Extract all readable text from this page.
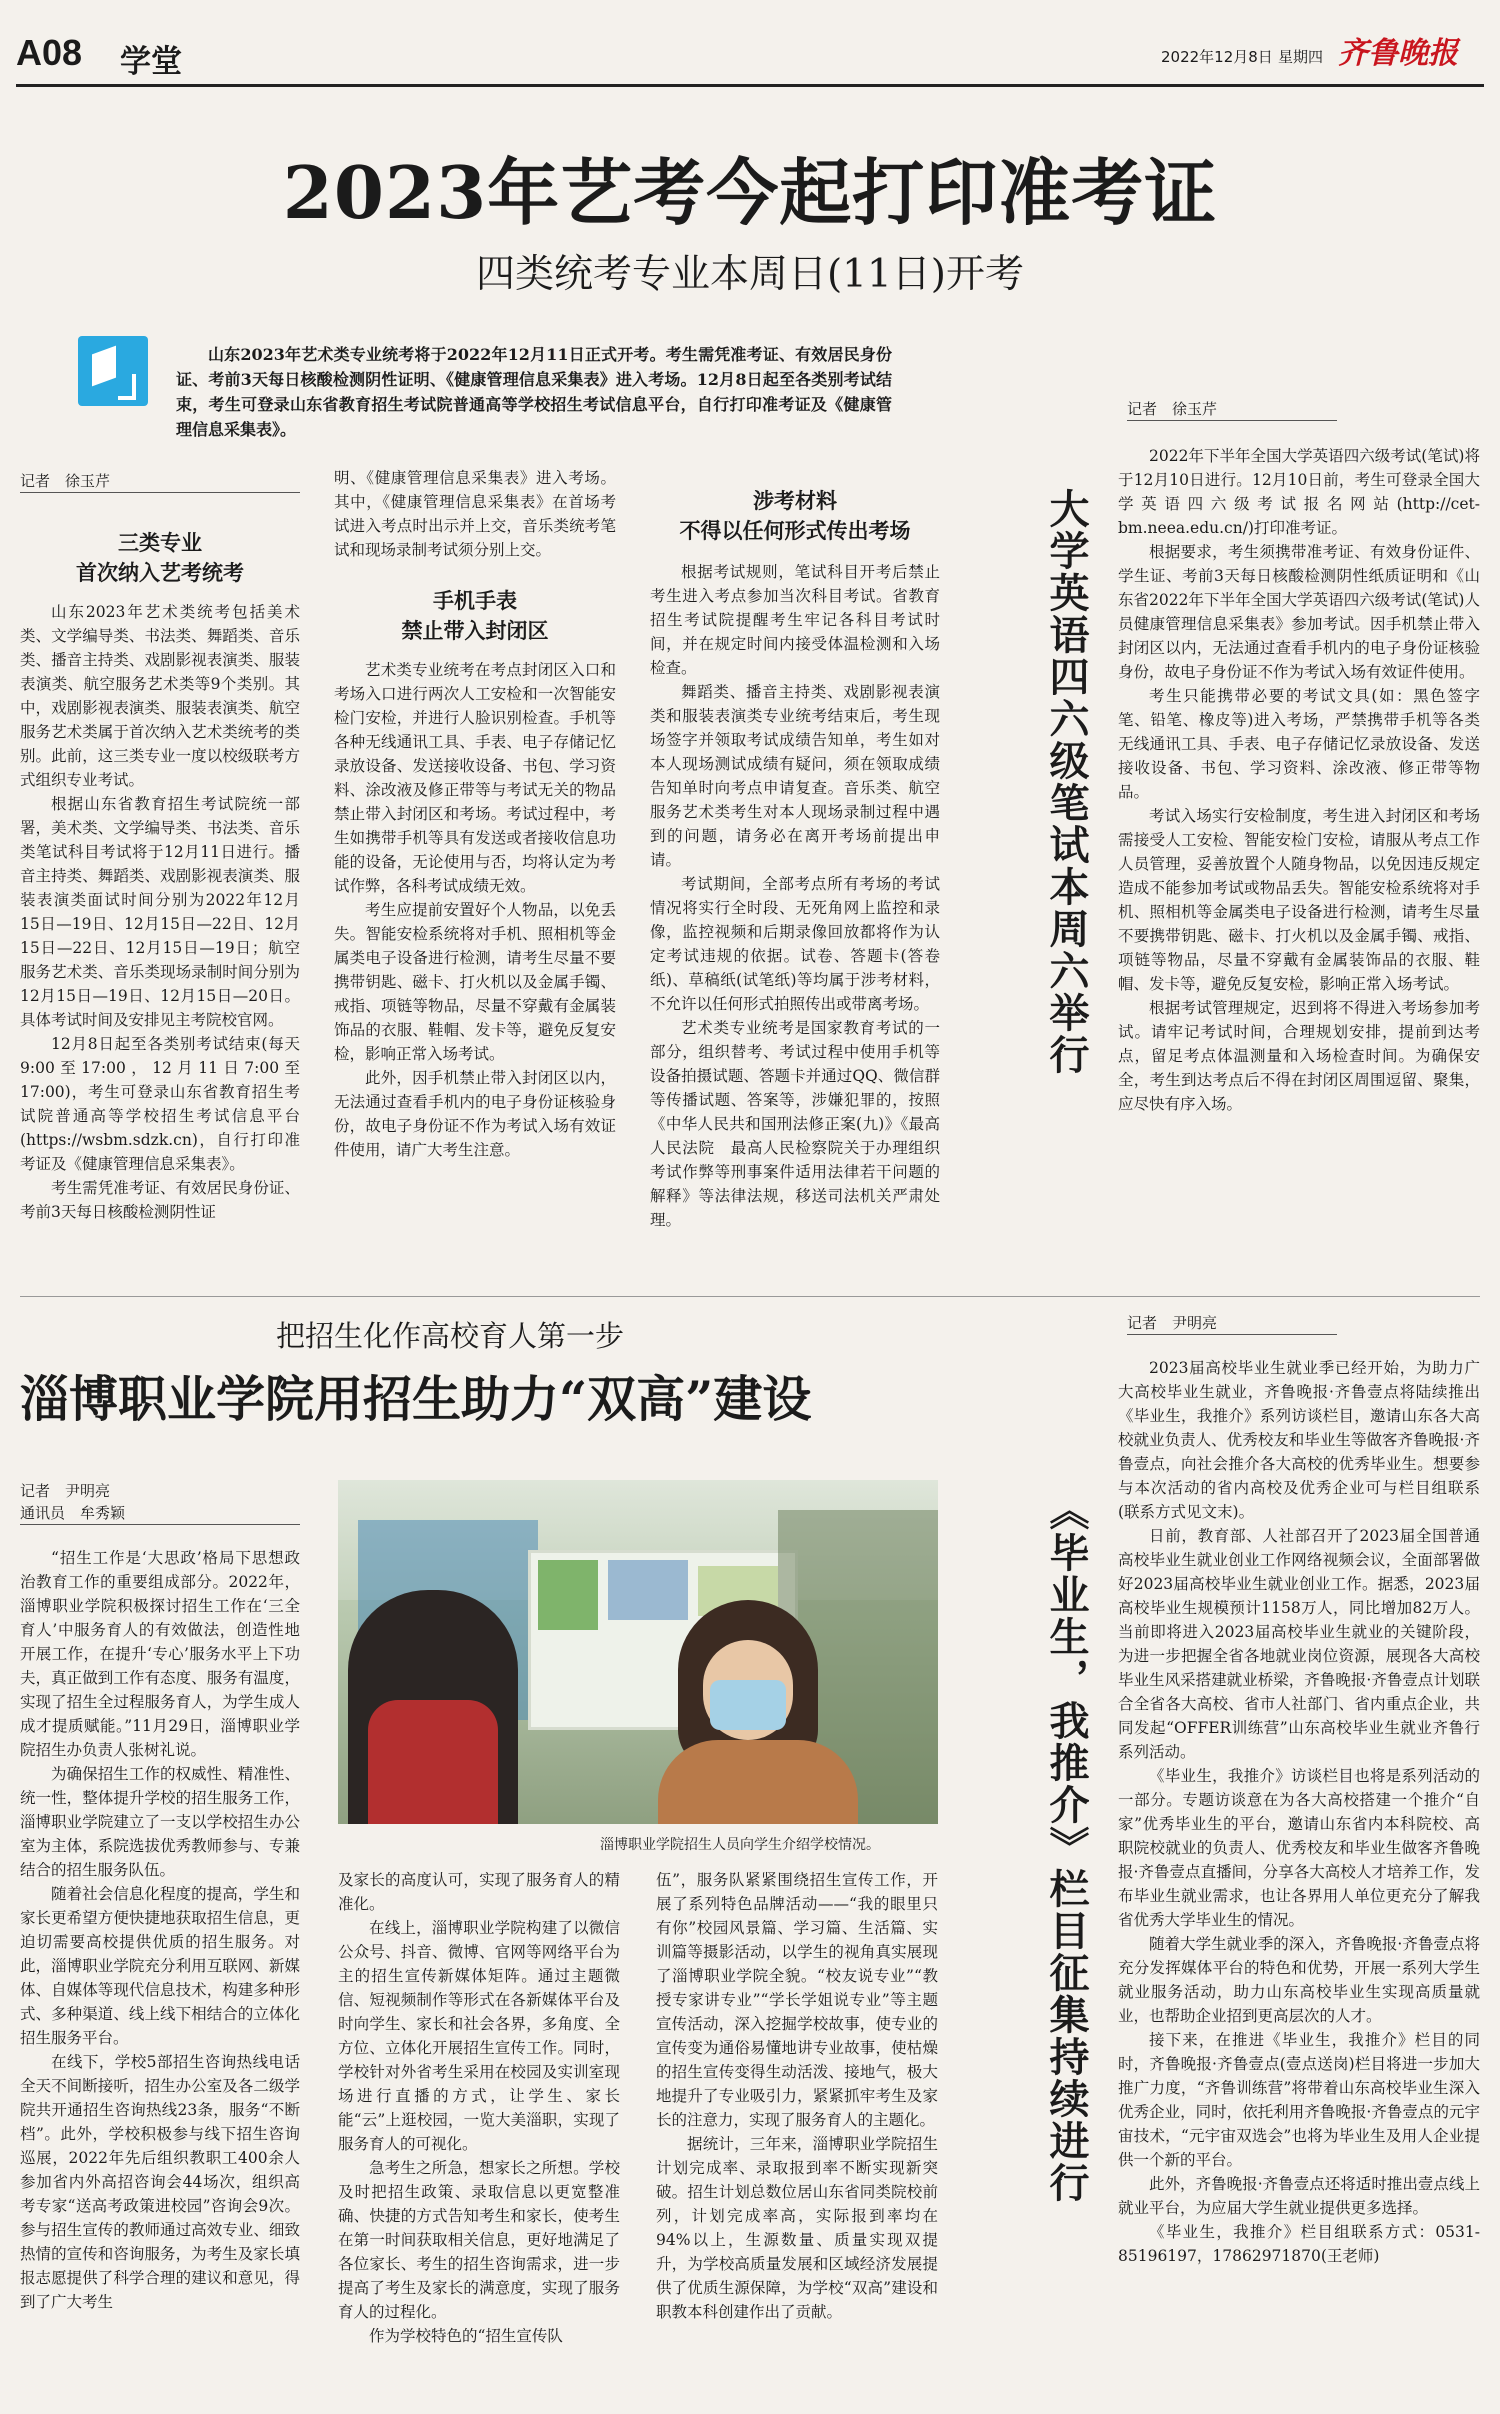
A08 学堂	2022年12月8日 星期四 齐鲁晚报
2023年艺考今起打印准考证
四类统考专业本周日(11日)开考
山东2023年艺术类专业统考将于2022年12月11日正式开考。考生需凭准考证、有效居民身份证、考前3天每日核酸检测阴性证明、《健康管理信息采集表》进入考场。12月8日起至各类别考试结束，考生可登录山东省教育招生考试院普通高等学校招生考试信息平台，自行打印准考证及《健康管理信息采集表》。
记者　徐玉芹
三类专业
首次纳入艺考统考

山东2023年艺术类统考包括美术类、文学编导类、书法类、舞蹈类、音乐类、播音主持类、戏剧影视表演类、服装表演类、航空服务艺术类等9个类别。其中，戏剧影视表演类、服装表演类、航空服务艺术类属于首次纳入艺术类统考的类别。此前，这三类专业一度以校级联考方式组织专业考试。

根据山东省教育招生考试院统一部署，美术类、文学编导类、书法类、音乐类笔试科目考试将于12月11日进行。播音主持类、舞蹈类、戏剧影视表演类、服装表演类面试时间分别为2022年12月15日—19日、12月15日—22日、12月15日—22日、12月15日—19日；航空服务艺术类、音乐类现场录制时间分别为12月15日—19日、12月15日—20日。具体考试时间及安排见主考院校官网。

12月8日起至各类别考试结束(每天9:00至17:00，12月11日7:00至17:00)，考生可登录山东省教育招生考试院普通高等学校招生考试信息平台(https://wsbm.sdzk.cn)，自行打印准考证及《健康管理信息采集表》。

考生需凭准考证、有效居民身份证、考前3天每日核酸检测阴性证

明、《健康管理信息采集表》进入考场。其中，《健康管理信息采集表》在首场考试进入考点时出示并上交，音乐类统考笔试和现场录制考试须分别上交。

手机手表
禁止带入封闭区

艺术类专业统考在考点封闭区入口和考场入口进行两次人工安检和一次智能安检门安检，并进行人脸识别检查。手机等各种无线通讯工具、手表、电子存储记忆录放设备、发送接收设备、书包、学习资料、涂改液及修正带等与考试无关的物品禁止带入封闭区和考场。考试过程中，考生如携带手机等具有发送或者接收信息功能的设备，无论使用与否，均将认定为考试作弊，各科考试成绩无效。

考生应提前安置好个人物品，以免丢失。智能安检系统将对手机、照相机等金属类电子设备进行检测，请考生尽量不要携带钥匙、磁卡、打火机以及金属手镯、戒指、项链等物品，尽量不穿戴有金属装饰品的衣服、鞋帽、发卡等，避免反复安检，影响正常入场考试。

此外，因手机禁止带入封闭区以内，无法通过查看手机内的电子身份证核验身份，故电子身份证不作为考试入场有效证件使用，请广大考生注意。

涉考材料
不得以任何形式传出考场

根据考试规则，笔试科目开考后禁止考生进入考点参加当次科目考试。省教育招生考试院提醒考生牢记各科目考试时间，并在规定时间内接受体温检测和入场检查。

舞蹈类、播音主持类、戏剧影视表演类和服装表演类专业统考结束后，考生现场签字并领取考试成绩告知单，考生如对本人现场测试成绩有疑问，须在领取成绩告知单时向考点申请复查。音乐类、航空服务艺术类考生对本人现场录制过程中遇到的问题，请务必在离开考场前提出申请。

考试期间，全部考点所有考场的考试情况将实行全时段、无死角网上监控和录像，监控视频和后期录像回放都将作为认定考试违规的依据。试卷、答题卡(答卷纸)、草稿纸(试笔纸)等均属于涉考材料，不允许以任何形式拍照传出或带离考场。

艺术类专业统考是国家教育考试的一部分，组织替考、考试过程中使用手机等设备拍摄试题、答题卡并通过QQ、微信群等传播试题、答案等，涉嫌犯罪的，按照《中华人民共和国刑法修正案(九)》《最高人民法院　最高人民检察院关于办理组织考试作弊等刑事案件适用法律若干问题的解释》等法律法规，移送司法机关严肃处理。

记者　徐玉芹
大学英语四六级笔试本周六举行

2022年下半年全国大学英语四六级考试(笔试)将于12月10日进行。12月10日前，考生可登录全国大学英语四六级考试报名网站(http://cet-bm.neea.edu.cn/)打印准考证。

根据要求，考生须携带准考证、有效身份证件、学生证、考前3天每日核酸检测阴性纸质证明和《山东省2022年下半年全国大学英语四六级考试(笔试)人员健康管理信息采集表》参加考试。因手机禁止带入封闭区以内，无法通过查看手机内的电子身份证核验身份，故电子身份证不作为考试入场有效证件使用。

考生只能携带必要的考试文具(如：黑色签字笔、铅笔、橡皮等)进入考场，严禁携带手机等各类无线通讯工具、手表、电子存储记忆录放设备、发送接收设备、书包、学习资料、涂改液、修正带等物品。

考试入场实行安检制度，考生进入封闭区和考场需接受人工安检、智能安检门安检，请服从考点工作人员管理，妥善放置个人随身物品，以免因违反规定造成不能参加考试或物品丢失。智能安检系统将对手机、照相机等金属类电子设备进行检测，请考生尽量不要携带钥匙、磁卡、打火机以及金属手镯、戒指、项链等物品，尽量不穿戴有金属装饰品的衣服、鞋帽、发卡等，避免反复安检，影响正常入场考试。

根据考试管理规定，迟到将不得进入考场参加考试。请牢记考试时间，合理规划安排，提前到达考点，留足考点体温测量和入场检查时间。为确保安全，考生到达考点后不得在封闭区周围逗留、聚集，应尽快有序入场。

把招生化作高校育人第一步
淄博职业学院用招生助力“双高”建设
记者　尹明亮
通讯员　牟秀颖
淄博职业学院招生人员向学生介绍学校情况。

“招生工作是‘大思政’格局下思想政治教育工作的重要组成部分。2022年，淄博职业学院积极探讨招生工作在‘三全育人’中服务育人的有效做法，创造性地开展工作，在提升‘专心’服务水平上下功夫，真正做到工作有态度、服务有温度，实现了招生全过程服务育人，为学生成人成才提质赋能。”11月29日，淄博职业学院招生办负责人张树礼说。

为确保招生工作的权威性、精准性、统一性，整体提升学校的招生服务工作，淄博职业学院建立了一支以学校招生办公室为主体，系院选拔优秀教师参与、专兼结合的招生服务队伍。

随着社会信息化程度的提高，学生和家长更希望方便快捷地获取招生信息，更迫切需要高校提供优质的招生服务。对此，淄博职业学院充分利用互联网、新媒体、自媒体等现代信息技术，构建多种形式、多种渠道、线上线下相结合的立体化招生服务平台。

在线下，学校5部招生咨询热线电话全天不间断接听，招生办公室及各二级学院共开通招生咨询热线23条，服务“不断档”。此外，学校积极参与线下招生咨询巡展，2022年先后组织教职工400余人参加省内外高招咨询会44场次，组织高考专家“送高考政策进校园”咨询会9次。参与招生宣传的教师通过高效专业、细致热情的宣传和咨询服务，为考生及家长填报志愿提供了科学合理的建议和意见，得到了广大考生

及家长的高度认可，实现了服务育人的精准化。

在线上，淄博职业学院构建了以微信公众号、抖音、微博、官网等网络平台为主的招生宣传新媒体矩阵。通过主题微信、短视频制作等形式在各新媒体平台及时向学生、家长和社会各界，多角度、全方位、立体化开展招生宣传工作。同时，学校针对外省考生采用在校园及实训室现场进行直播的方式，让学生、家长能“云”上逛校园，一览大美淄职，实现了服务育人的可视化。

急考生之所急，想家长之所想。学校及时把招生政策、录取信息以更宽整准确、快捷的方式告知考生和家长，使考生在第一时间获取相关信息，更好地满足了各位家长、考生的招生咨询需求，进一步提高了考生及家长的满意度，实现了服务育人的过程化。

作为学校特色的“招生宣传队

伍”，服务队紧紧围绕招生宣传工作，开展了系列特色品牌活动——“我的眼里只有你”校园风景篇、学习篇、生活篇、实训篇等摄影活动，以学生的视角真实展现了淄博职业学院全貌。“校友说专业”“教授专家讲专业”“学长学姐说专业”等主题宣传活动，深入挖掘学校故事，使专业的宣传变为通俗易懂地讲专业故事，使枯燥的招生宣传变得生动活泼、接地气，极大地提升了专业吸引力，紧紧抓牢考生及家长的注意力，实现了服务育人的主题化。

据统计，三年来，淄博职业学院招生计划完成率、录取报到率不断实现新突破。招生计划总数位居山东省同类院校前列，计划完成率高，实际报到率均在94%以上，生源数量、质量实现双提升，为学校高质量发展和区域经济发展提供了优质生源保障，为学校“双高”建设和职教本科创建作出了贡献。

记者　尹明亮
《毕业生，我推介》栏目征集持续进行

2023届高校毕业生就业季已经开始，为助力广大高校毕业生就业，齐鲁晚报·齐鲁壹点将陆续推出《毕业生，我推介》系列访谈栏目，邀请山东各大高校就业负责人、优秀校友和毕业生等做客齐鲁晚报·齐鲁壹点，向社会推介各大高校的优秀毕业生。想要参与本次活动的省内高校及优秀企业可与栏目组联系(联系方式见文末)。

日前，教育部、人社部召开了2023届全国普通高校毕业生就业创业工作网络视频会议，全面部署做好2023届高校毕业生就业创业工作。据悉，2023届高校毕业生规模预计1158万人，同比增加82万人。当前即将进入2023届高校毕业生就业的关键阶段，为进一步把握全省各地就业岗位资源，展现各大高校毕业生风采搭建就业桥梁，齐鲁晚报·齐鲁壹点计划联合全省各大高校、省市人社部门、省内重点企业，共同发起“OFFER训练营”山东高校毕业生就业齐鲁行系列活动。

《毕业生，我推介》访谈栏目也将是系列活动的一部分。专题访谈意在为各大高校搭建一个推介“自家”优秀毕业生的平台，邀请山东省内本科院校、高职院校就业的负责人、优秀校友和毕业生做客齐鲁晚报·齐鲁壹点直播间，分享各大高校人才培养工作，发布毕业生就业需求，也让各界用人单位更充分了解我省优秀大学毕业生的情况。

随着大学生就业季的深入，齐鲁晚报·齐鲁壹点将充分发挥媒体平台的特色和优势，开展一系列大学生就业服务活动，助力山东高校毕业生实现高质量就业，也帮助企业招到更高层次的人才。

接下来，在推进《毕业生，我推介》栏目的同时，齐鲁晚报·齐鲁壹点(壹点送岗)栏目将进一步加大推广力度，“齐鲁训练营”将带着山东高校毕业生深入优秀企业，同时，依托利用齐鲁晚报·齐鲁壹点的元宇宙技术，“元宇宙双选会”也将为毕业生及用人企业提供一个新的平台。

此外，齐鲁晚报·齐鲁壹点还将适时推出壹点线上就业平台，为应届大学生就业提供更多选择。

《毕业生，我推介》栏目组联系方式：0531-85196197，17862971870(王老师)
